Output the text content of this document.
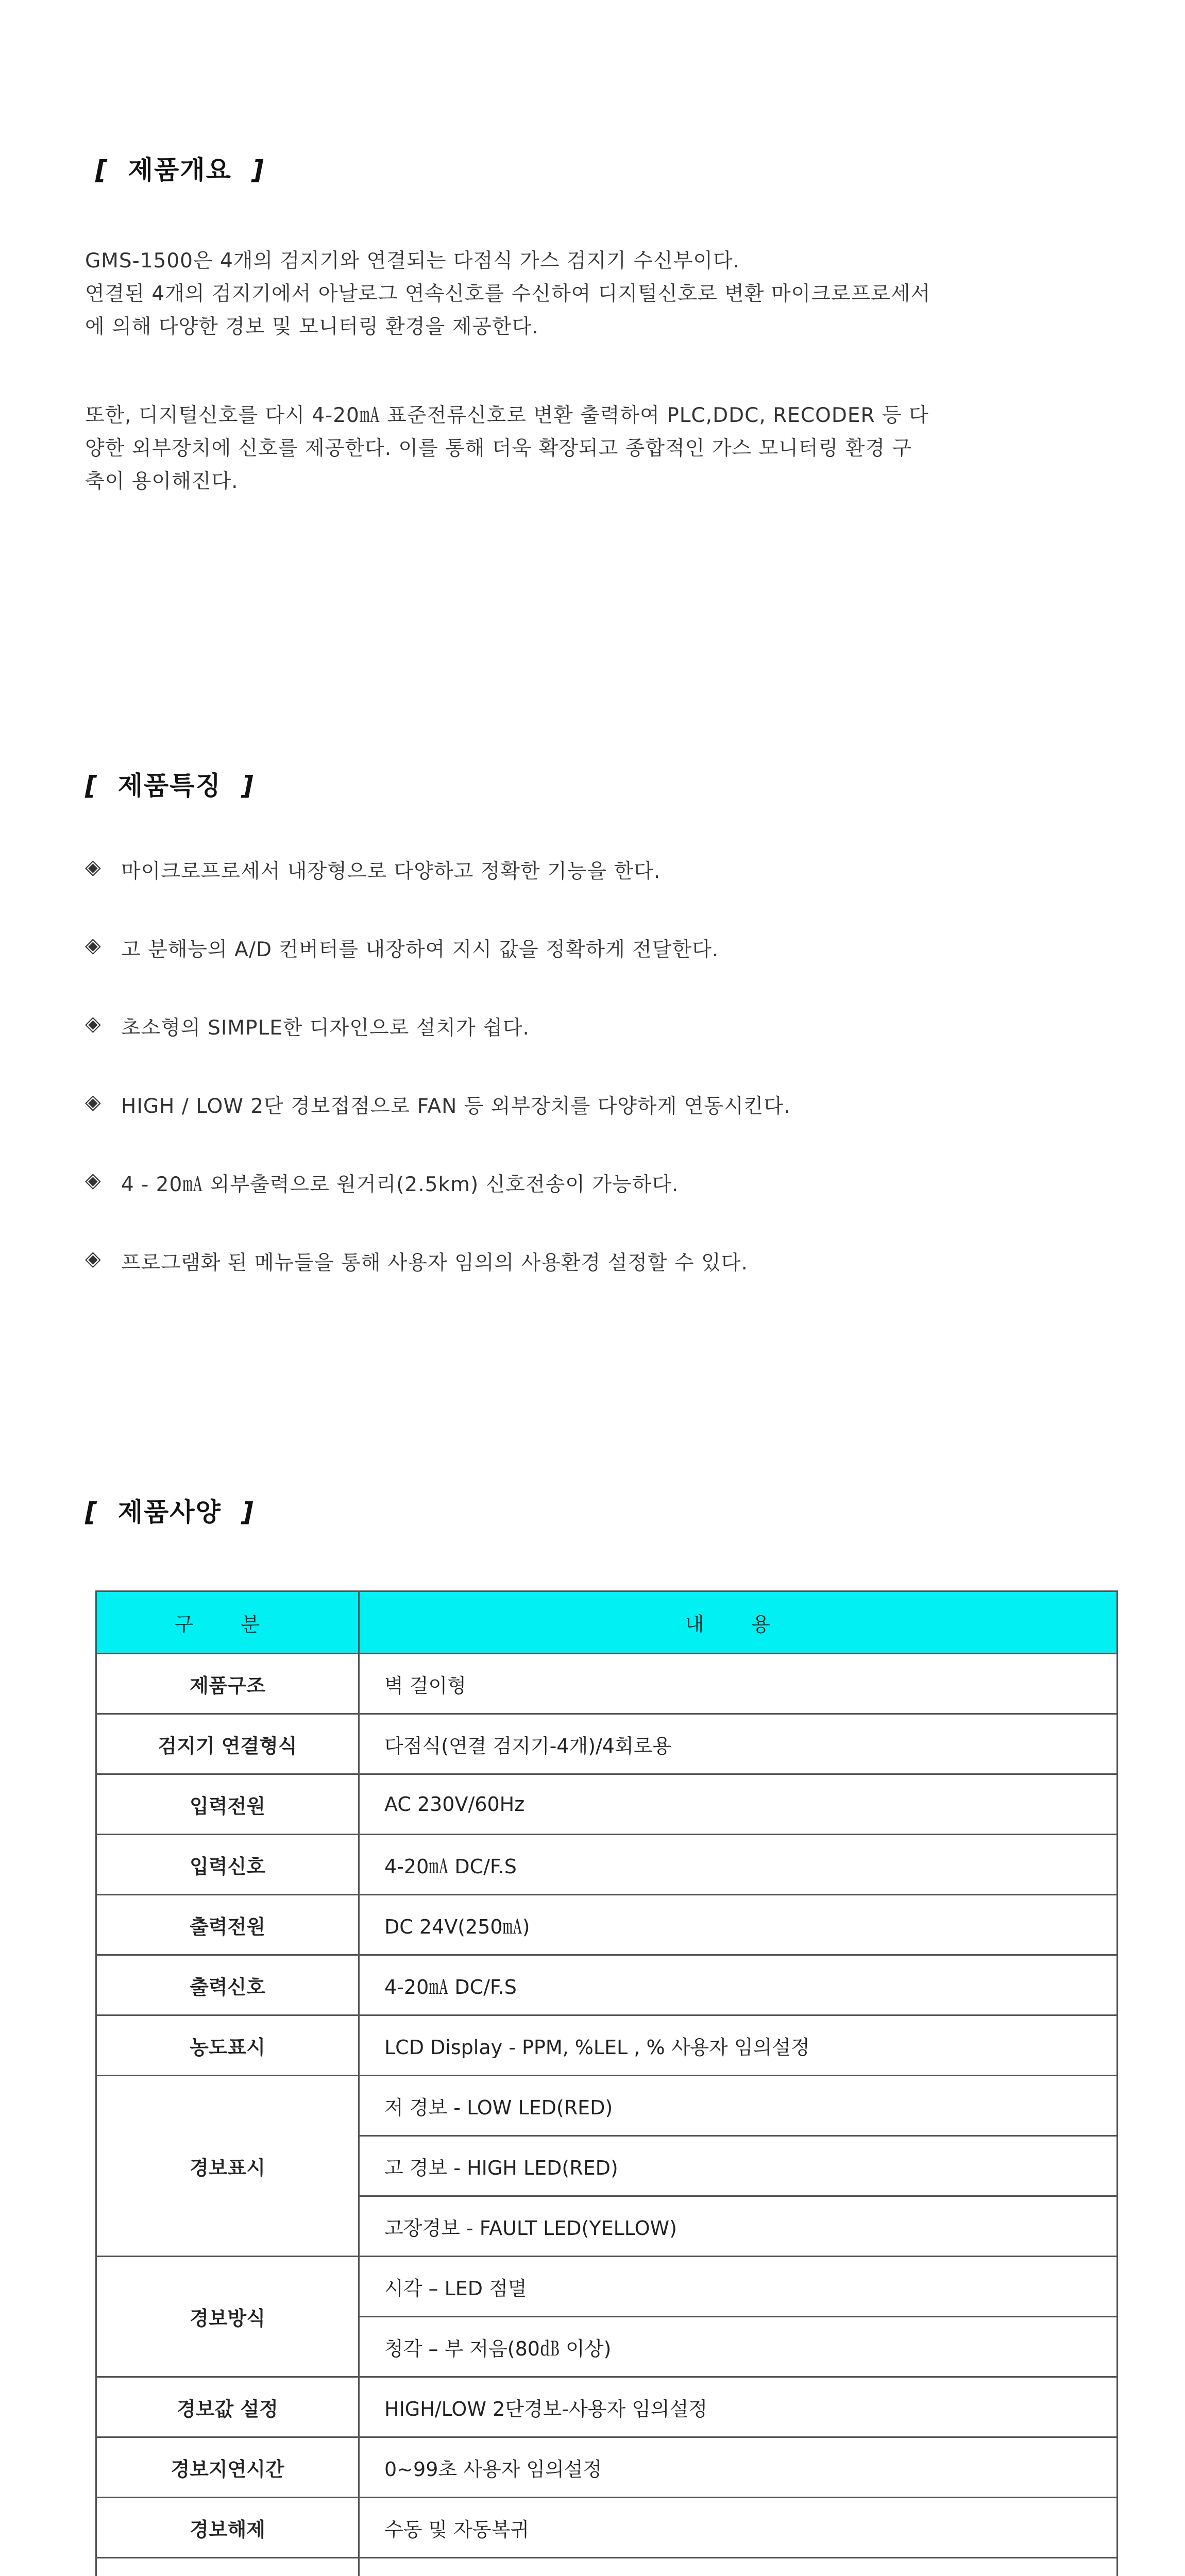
[ 제품개요 ]

GMS-1500은 4개의 검지기와 연결되는 다점식 가스 검지기 수신부이다.

연결된 4개의 검지기에서 아날로그 연속신호를 수신하여 디지털신호로 변환 마이크로프로세서

에 의해 다양한 경보 및 모니터링 환경을 제공한다.

또한, 디지털신호를 다시 4-20㎃ 표준전류신호로 변환 출력하여 PLC,DDC, RECODER 등 다

양한 외부장치에 신호를 제공한다. 이를 통해 더욱 확장되고 종합적인 가스 모니터링 환경 구

축이 용이해진다.

[ 제품특징 ]
◈ 마이크로프로세서 내장형으로 다양하고 정확한 기능을 한다.
◈ 고 분해능의 A/D 컨버터를 내장하여 지시 값을 정확하게 전달한다.
◈ 초소형의 SIMPLE한 디자인으로 설치가 쉽다.
◈ HIGH / LOW 2단 경보접점으로 FAN 등 외부장치를 다양하게 연동시킨다.
◈ 4 - 20㎃ 외부출력으로 원거리(2.5km) 신호전송이 가능하다.
◈ 프로그램화 된 메뉴들을 통해 사용자 임의의 사용환경 설정할 수 있다.
[ 제품사양 ]
구 분	내 용
제품구조	벽 걸이형
검지기 연결형식	다점식(연결 검지기-4개)/4회로용
입력전원	AC 230V/60Hz
입력신호	4-20㎃ DC/F.S
출력전원	DC 24V(250㎃)
출력신호	4-20㎃ DC/F.S
농도표시	LCD Display - PPM, %LEL , % 사용자 임의설정
경보표시	저 경보 - LOW LED(RED)
	고 경보 - HIGH LED(RED)
	고장경보 - FAULT LED(YELLOW)
경보방식	시각 – LED 점멸
	청각 – 부 저음(80㏈ 이상)
경보값 설정	HIGH/LOW 2단경보-사용자 임의설정
경보지연시간	0~99초 사용자 임의설정
경보해제	수동 및 자동복귀
